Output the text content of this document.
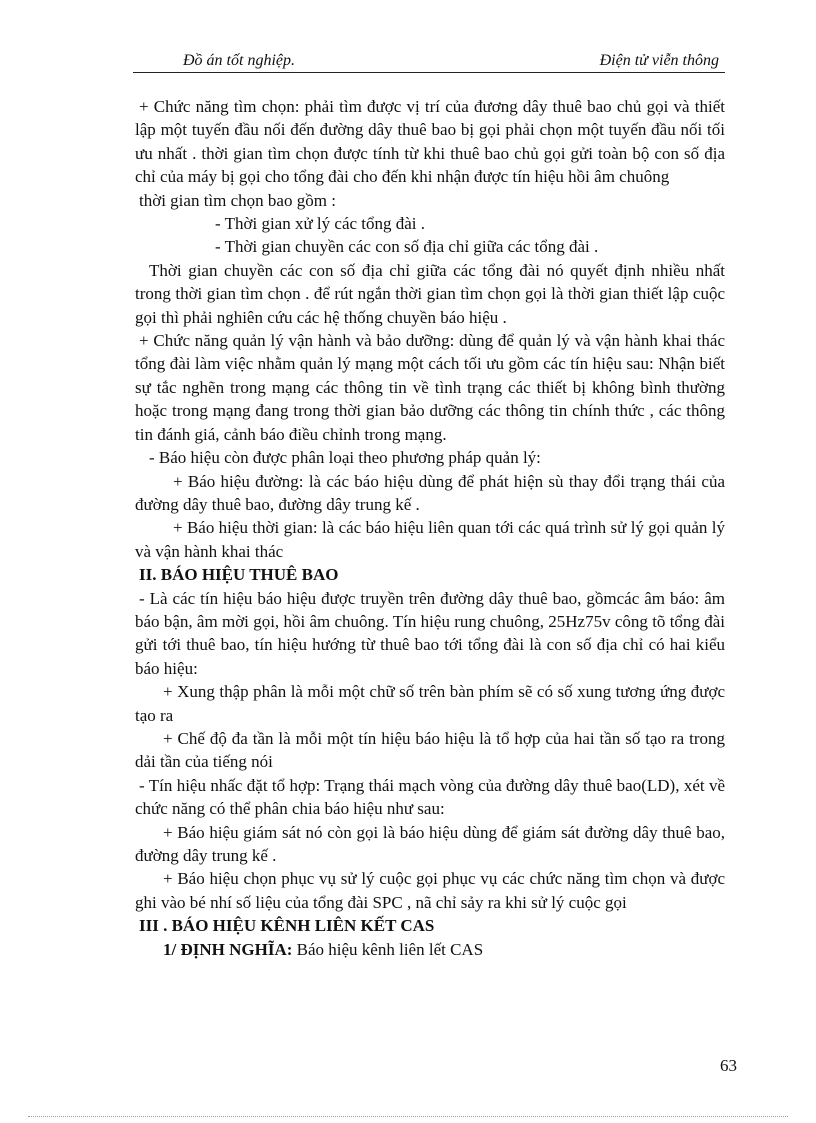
Đồ án tốt nghiệp.	Điện tử viễn thông

+ Chức năng tìm chọn: phải tìm được vị trí của đương dây thuê bao chủ gọi và thiết lập một tuyến đầu nối đến đường dây thuê bao bị gọi phải chọn một tuyến đầu nối tối ưu nhất . thời gian tìm chọn được tính từ khi thuê bao chủ gọi gửi toàn bộ con số địa chỉ của máy bị gọi cho tổng đài cho đến khi nhận được tín hiệu hồi âm chuông

thời gian tìm chọn bao gồm :

- Thời gian xử lý các tổng đài .

- Thời gian chuyền các con số địa chỉ giữa các tổng đài .

Thời gian chuyền các con số địa chỉ giữa các tổng đài nó quyết định nhiều nhất trong thời gian tìm chọn . để rút ngắn thời gian tìm chọn gọi là thời gian thiết lập cuộc gọi thì phải nghiên cứu các hệ thống chuyền báo hiệu .

+ Chức năng quản lý vận hành và bảo dưỡng: dùng để quản lý và vận hành khai thác tổng đài làm việc nhằm quản lý mạng một cách tối ưu gồm các tín hiệu sau: Nhận biết sự tắc nghẽn trong mạng các thông tin về tình trạng các thiết bị không bình thường hoặc trong mạng đang trong thời gian bảo dưỡng các thông tin chính thức , các thông tin đánh giá, cảnh báo điều chỉnh trong mạng.

- Báo hiệu còn được phân loại theo phương pháp quản lý:

+ Báo hiệu đường: là các báo hiệu dùng để phát hiện sù thay đổi trạng thái của đường dây thuê bao, đường dây trung kế .

+ Báo hiệu thời gian: là các báo hiệu liên quan tới các quá trình sử lý gọi quản lý và vận hành khai thác

II. BÁO HIỆU THUÊ BAO

- Là các tín hiệu báo hiệu được truyền trên đường dây thuê bao, gồmcác âm báo: âm báo bận, âm mời gọi, hồi âm chuông. Tín hiệu rung chuông, 25Hz75v công tõ tổng đài gửi tới thuê bao, tín hiệu hướng từ thuê bao tới tổng đài là con số địa chỉ có hai kiểu báo hiệu:

+ Xung thập phân là mỗi một chữ số trên bàn phím sẽ có số xung tương ứng được tạo ra

+ Chế độ đa tần là mỗi một tín hiệu báo hiệu là tổ hợp của hai tần số tạo ra trong dải tần của tiếng nói

- Tín hiệu nhấc đặt tổ hợp: Trạng thái mạch vòng của đường dây thuê bao(LD), xét về chức năng có thể phân chia báo hiệu như sau:

+ Báo hiệu giám sát nó còn gọi là báo hiệu dùng để giám sát đường dây thuê bao, đường dây trung kế .

+ Báo hiệu chọn phục vụ sử lý cuộc gọi phục vụ các chức năng tìm chọn và được ghi vào bé nhí số liệu của tổng đài SPC , nã chỉ sảy ra khi sử lý cuộc gọi

III . BÁO HIỆU KÊNH LIÊN KẾT CAS

1/ ĐỊNH NGHĨA: Báo hiệu kênh liên lết CAS

63
